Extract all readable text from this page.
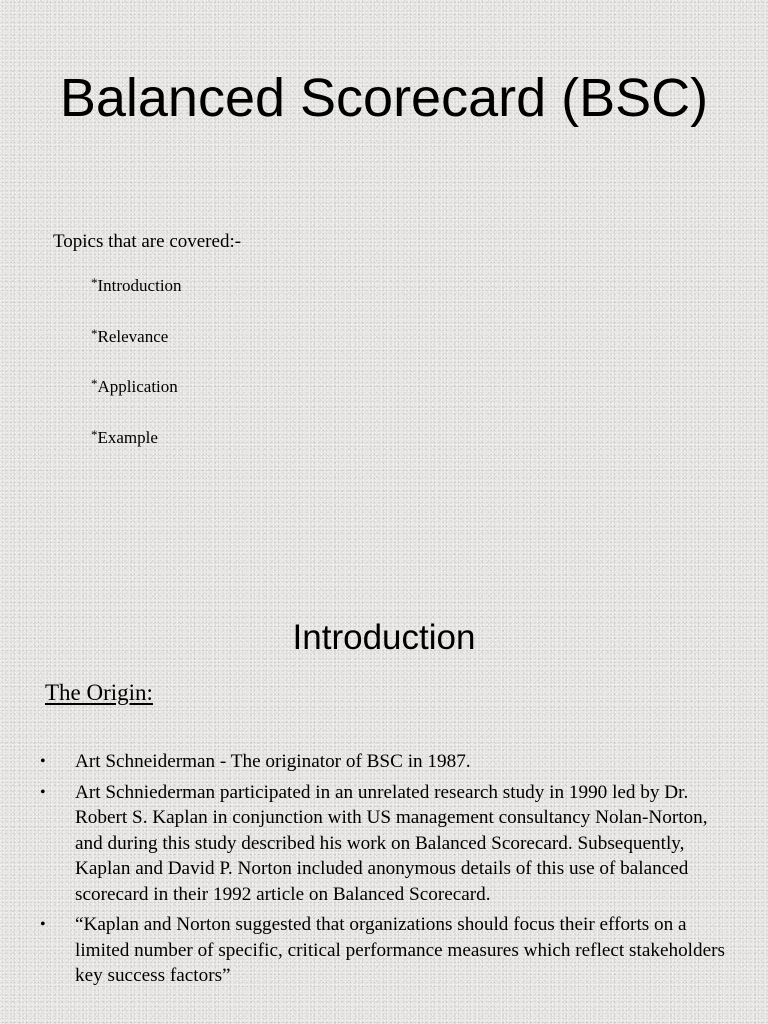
Balanced Scorecard (BSC)
Topics that are covered:-
*Introduction
*Relevance
*Application
*Example
Introduction
The Origin:
• Art Schneiderman - The originator of BSC in 1987.
• Art Schniederman participated in an unrelated research study in 1990 led by Dr. Robert S. Kaplan in conjunction with US management consultancy Nolan-Norton, and during this study described his work on Balanced Scorecard. Subsequently, Kaplan and David P. Norton included anonymous details of this use of balanced scorecard in their 1992 article on Balanced Scorecard.
• “Kaplan and Norton suggested that organizations should focus their efforts on a limited number of specific, critical performance measures which reflect stakeholders key success factors”
